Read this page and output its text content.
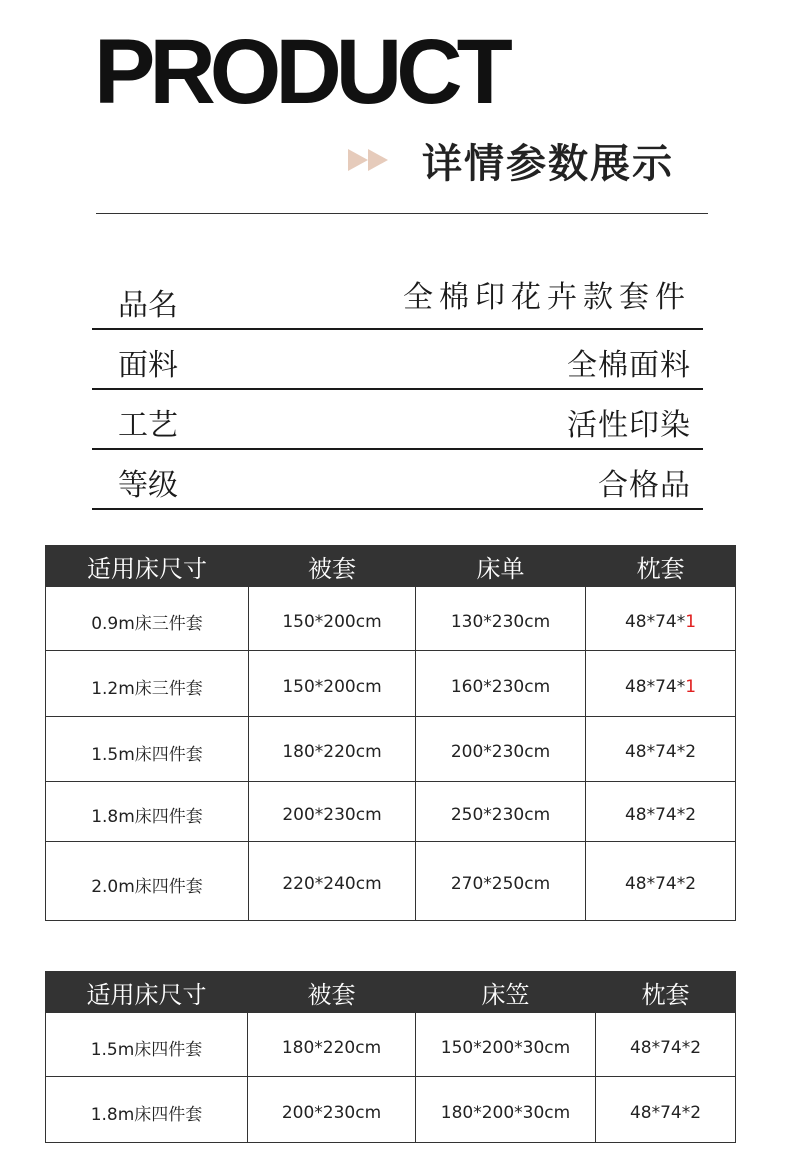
PRODUCT
详情参数展示
品名	全棉印花卉款套件
面料	全棉面料
工艺	活性印染
等级	合格品
适用床尺寸	被套	床单	枕套
0.9m床三件套	150*200cm	130*230cm	48*74*1
1.2m床三件套	150*200cm	160*230cm	48*74*1
1.5m床四件套	180*220cm	200*230cm	48*74*2
1.8m床四件套	200*230cm	250*230cm	48*74*2
2.0m床四件套	220*240cm	270*250cm	48*74*2
适用床尺寸	被套	床笠	枕套
1.5m床四件套	180*220cm	150*200*30cm	48*74*2
1.8m床四件套	200*230cm	180*200*30cm	48*74*2
